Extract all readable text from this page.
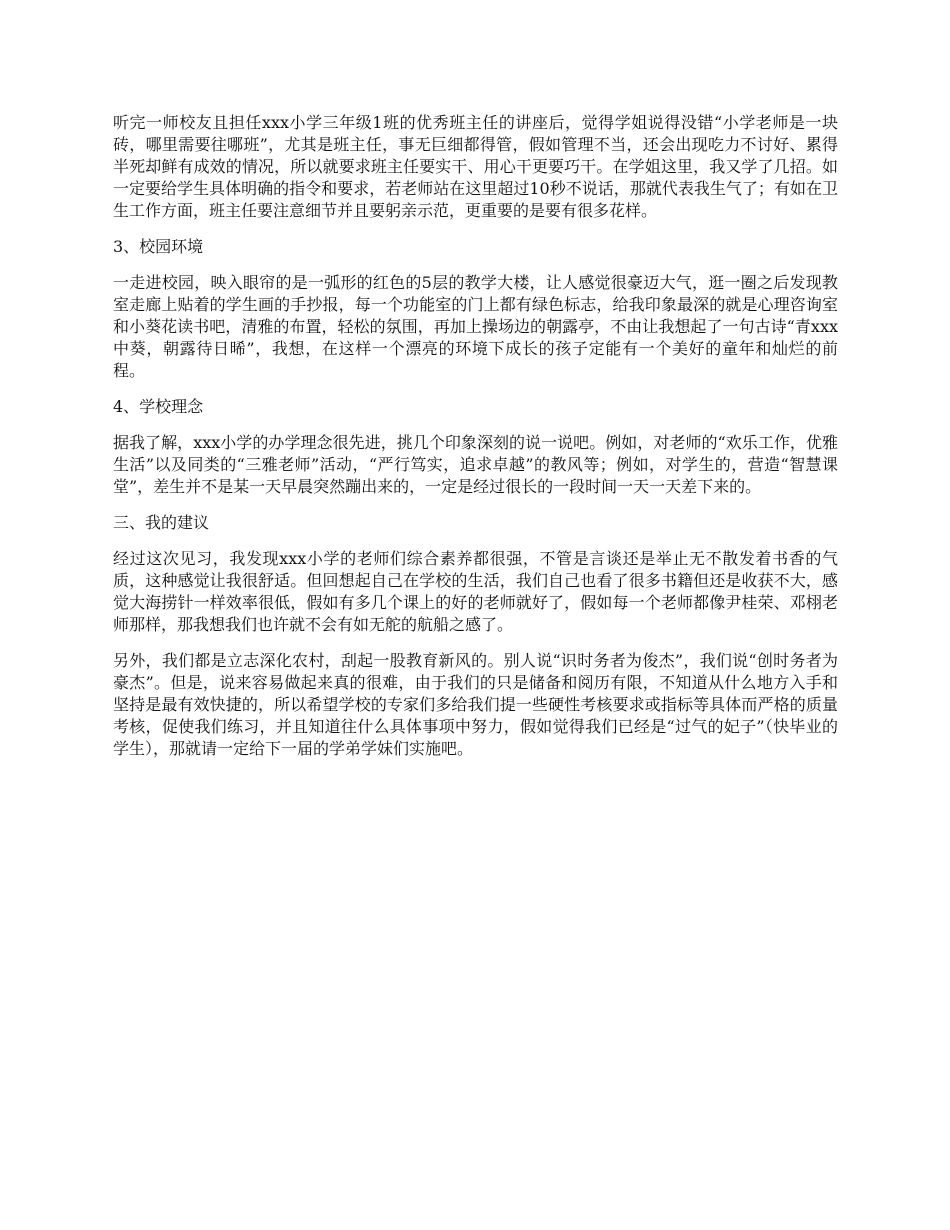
听完一师校友且担任xxx小学三年级1班的优秀班主任的讲座后，觉得学姐说得没错“小学老师是一块砖，哪里需要往哪班”，尤其是班主任，事无巨细都得管，假如管理不当，还会出现吃力不讨好、累得半死却鲜有成效的情况，所以就要求班主任要实干、用心干更要巧干。在学姐这里，我又学了几招。如一定要给学生具体明确的指令和要求，若老师站在这里超过10秒不说话，那就代表我生气了；有如在卫生工作方面，班主任要注意细节并且要躬亲示范，更重要的是要有很多花样。

3、校园环境

一走进校园，映入眼帘的是一弧形的红色的5层的教学大楼，让人感觉很豪迈大气，逛一圈之后发现教室走廊上贴着的学生画的手抄报，每一个功能室的门上都有绿色标志，给我印象最深的就是心理咨询室和小葵花读书吧，清雅的布置，轻松的氛围，再加上操场边的朝露亭，不由让我想起了一句古诗“青xxx中葵，朝露待日晞”，我想，在这样一个漂亮的环境下成长的孩子定能有一个美好的童年和灿烂的前程。

4、学校理念

据我了解，xxx小学的办学理念很先进，挑几个印象深刻的说一说吧。例如，对老师的“欢乐工作，优雅生活”以及同类的“三雅老师”活动，“严行笃实，追求卓越”的教风等；例如，对学生的，营造“智慧课堂”，差生并不是某一天早晨突然蹦出来的，一定是经过很长的一段时间一天一天差下来的。

三、我的建议

经过这次见习，我发现xxx小学的老师们综合素养都很强，不管是言谈还是举止无不散发着书香的气质，这种感觉让我很舒适。但回想起自己在学校的生活，我们自己也看了很多书籍但还是收获不大，感觉大海捞针一样效率很低，假如有多几个课上的好的老师就好了，假如每一个老师都像尹桂荣、邓栩老师那样，那我想我们也许就不会有如无舵的航船之感了。

另外，我们都是立志深化农村，刮起一股教育新风的。别人说“识时务者为俊杰”，我们说“创时务者为豪杰”。但是，说来容易做起来真的很难，由于我们的只是储备和阅历有限，不知道从什么地方入手和坚持是最有效快捷的，所以希望学校的专家们多给我们提一些硬性考核要求或指标等具体而严格的质量考核，促使我们练习，并且知道往什么具体事项中努力，假如觉得我们已经是“过气的妃子”（快毕业的学生），那就请一定给下一届的学弟学妹们实施吧。
